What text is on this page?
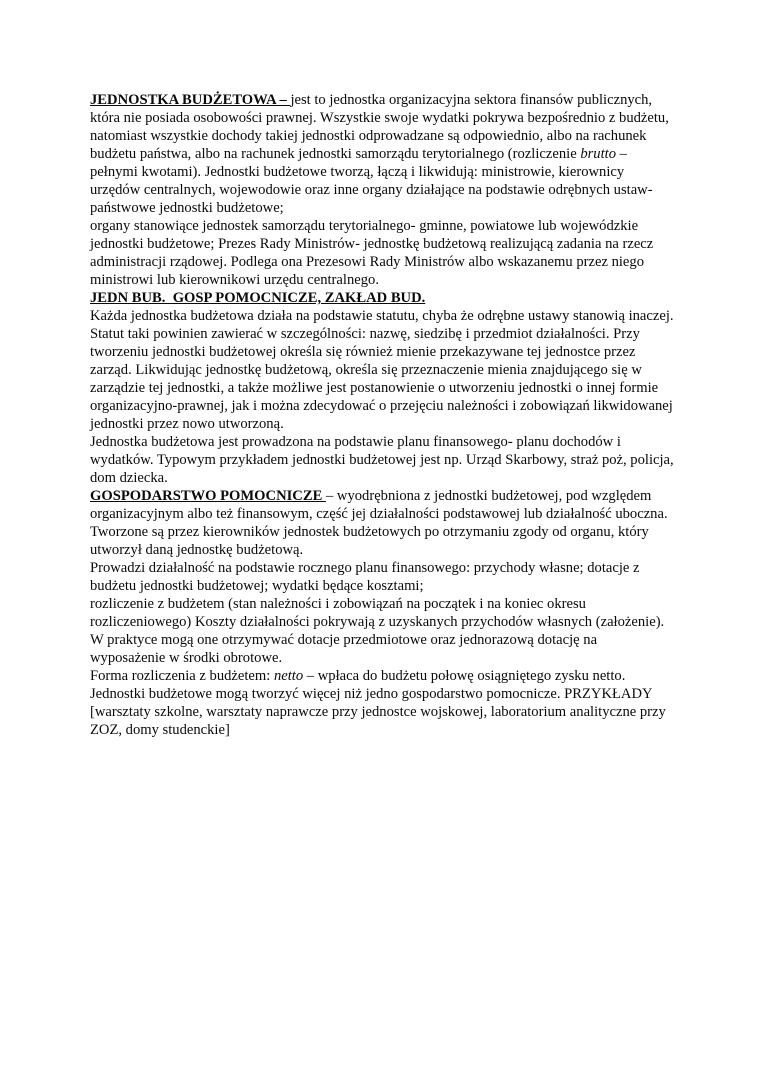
JEDNOSTKA BUDŻETOWA – jest to jednostka organizacyjna sektora finansów publicznych, która nie posiada osobowości prawnej. Wszystkie swoje wydatki pokrywa bezpośrednio z budżetu, natomiast wszystkie dochody takiej jednostki odprowadzane są odpowiednio, albo na rachunek budżetu państwa, albo na rachunek jednostki samorządu terytorialnego (rozliczenie brutto – pełnymi kwotami). Jednostki budżetowe tworzą, łączą i likwidują: ministrowie, kierownicy urzędów centralnych, wojewodowie oraz inne organy działające na podstawie odrębnych ustaw- państwowe jednostki budżetowe;

organy stanowiące jednostek samorządu terytorialnego- gminne, powiatowe lub wojewódzkie jednostki budżetowe; Prezes Rady Ministrów- jednostkę budżetową realizującą zadania na rzecz administracji rządowej. Podlega ona Prezesowi Rady Ministrów albo wskazanemu przez niego ministrowi lub kierownikowi urzędu centralnego.

JEDN BUB.  GOSP POMOCNICZE, ZAKŁAD BUD.

Każda jednostka budżetowa działa na podstawie statutu, chyba że odrębne ustawy stanowią inaczej. Statut taki powinien zawierać w szczególności: nazwę, siedzibę i przedmiot działalności. Przy tworzeniu jednostki budżetowej określa się również mienie przekazywane tej jednostce przez zarząd. Likwidując jednostkę budżetową, określa się przeznaczenie mienia znajdującego się w zarządzie tej jednostki, a także możliwe jest postanowienie o utworzeniu jednostki o innej formie organizacyjno-prawnej, jak i można zdecydować o przejęciu należności i zobowiązań likwidowanej jednostki przez nowo utworzoną.

Jednostka budżetowa jest prowadzona na podstawie planu finansowego- planu dochodów i wydatków. Typowym przykładem jednostki budżetowej jest np. Urząd Skarbowy, straż poż, policja, dom dziecka.

GOSPODARSTWO POMOCNICZE – wyodrębniona z jednostki budżetowej, pod względem organizacyjnym albo też finansowym, część jej działalności podstawowej lub działalność uboczna. Tworzone są przez kierowników jednostek budżetowych po otrzymaniu zgody od organu, który utworzył daną jednostkę budżetową.

Prowadzi działalność na podstawie rocznego planu finansowego: przychody własne; dotacje z budżetu jednostki budżetowej; wydatki będące kosztami;

rozliczenie z budżetem (stan należności i zobowiązań na początek i na koniec okresu rozliczeniowego) Koszty działalności pokrywają z uzyskanych przychodów własnych (założenie). W praktyce mogą one otrzymywać dotacje przedmiotowe oraz jednorazową dotację na wyposażenie w środki obrotowe.

Forma rozliczenia z budżetem: netto – wpłaca do budżetu połowę osiągniętego zysku netto. Jednostki budżetowe mogą tworzyć więcej niż jedno gospodarstwo pomocnicze. PRZYKŁADY [warsztaty szkolne, warsztaty naprawcze przy jednostce wojskowej, laboratorium analityczne przy ZOZ, domy studenckie]
